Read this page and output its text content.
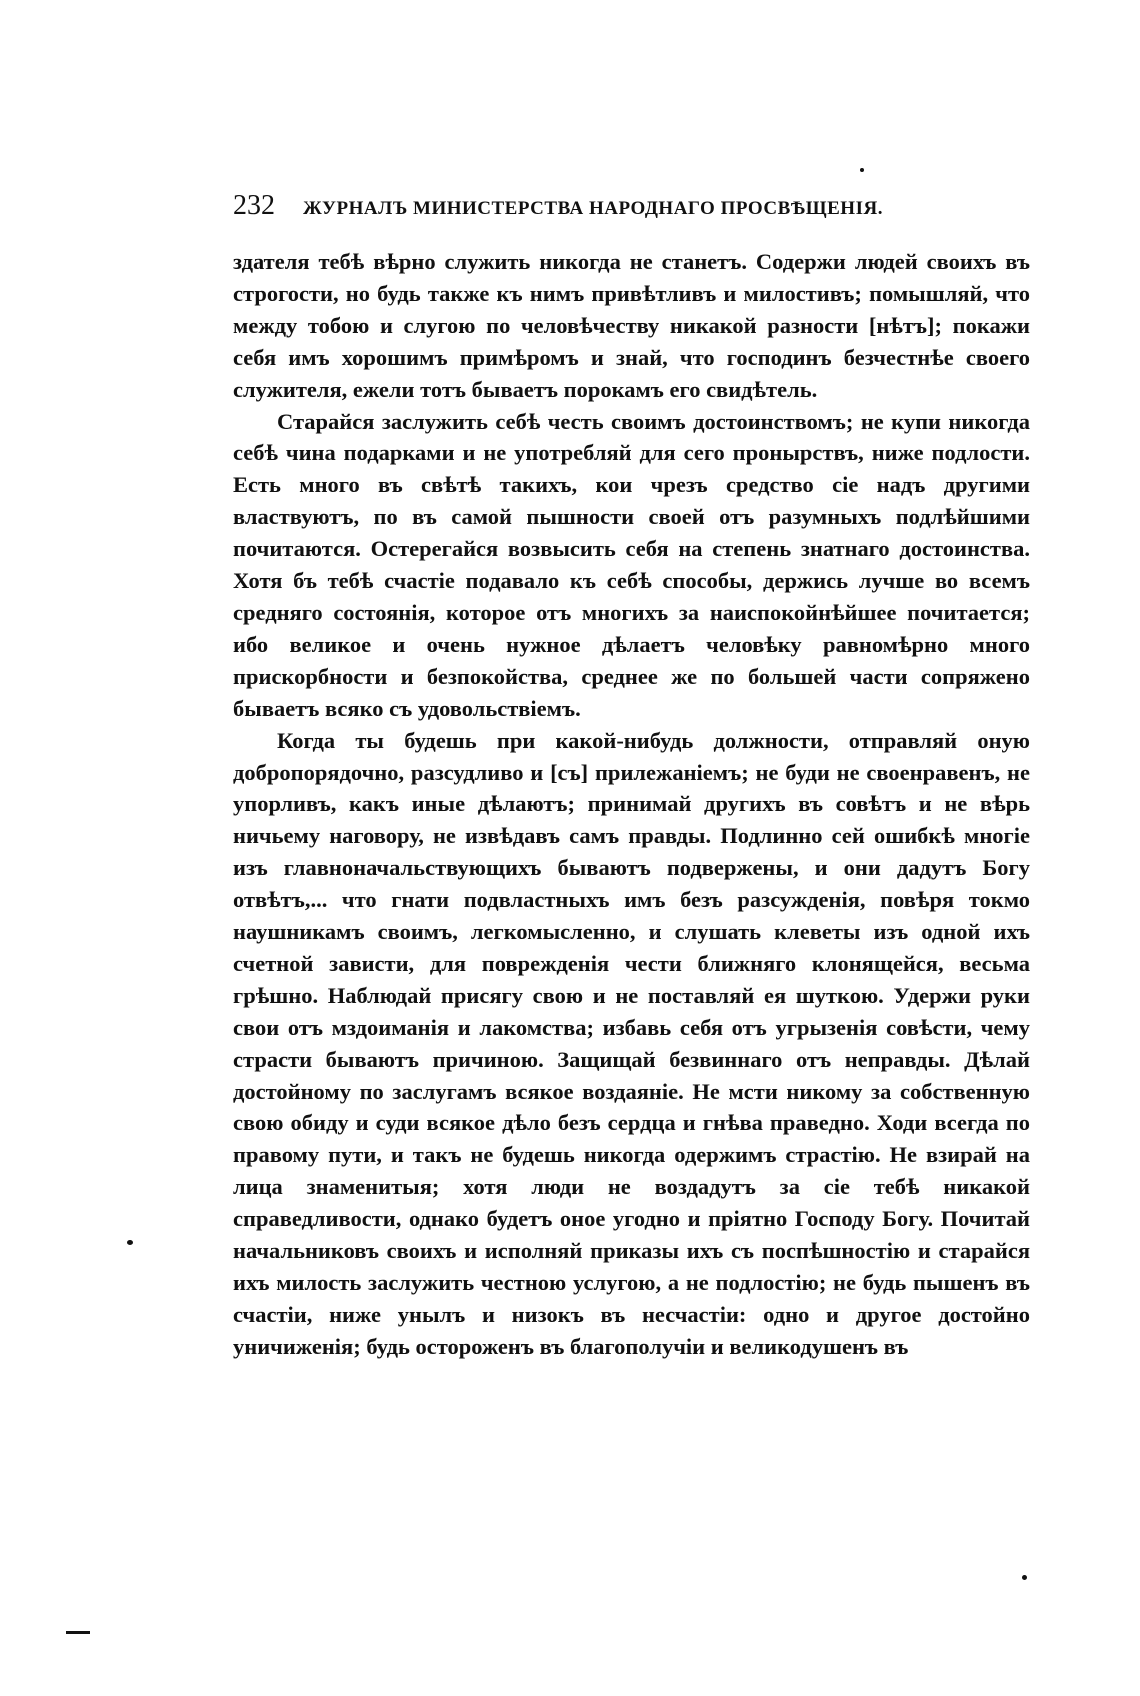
232 ЖУРНАЛЪ МИНИСТЕРСТВА НАРОДНАГО ПРОСВѢЩЕНІЯ.

здателя тебѣ вѣрно служить никогда не станетъ. Содержи людей своихъ въ строгости, но будь также къ нимъ привѣтливъ и милостивъ; помышляй, что между тобою и слугою по человѣчеству никакой разности [нѣтъ]; покажи себя имъ хорошимъ примѣромъ и знай, что господинъ безчестнѣе своего служителя, ежели тотъ бываетъ порокамъ его свидѣтель.

Старайся заслужить себѣ честь своимъ достоинствомъ; не купи никогда себѣ чина подарками и не употребляй для сего пронырствъ, ниже подлости. Есть много въ свѣтѣ такихъ, кои чрезъ средство сіе надъ другими властвуютъ, по въ самой пышности своей отъ разумныхъ подлѣйшими почитаются. Остерегайся возвысить себя на степень знатнаго достоинства. Хотя бъ тебѣ счастіе подавало къ себѣ способы, держись лучше во всемъ средняго состоянія, которое отъ многихъ за наиспокойнѣйшее почитается; ибо великое и очень нужное дѣлаетъ человѣку равномѣрно много прискорбности и безпокойства, среднее же по большей части сопряжено бываетъ всяко съ удовольствіемъ.

Когда ты будешь при какой-нибудь должности, отправляй оную добропорядочно, разсудливо и [съ] прилежаніемъ; не буди не своенравенъ, не упорливъ, какъ иные дѣлаютъ; принимай другихъ въ совѣтъ и не вѣрь ничьему наговору, не извѣдавъ самъ правды. Подлинно сей ошибкѣ многіе изъ главноначальствующихъ бываютъ подвержены, и они дадутъ Богу отвѣтъ,... что гнати подвластныхъ имъ безъ разсужденія, повѣря токмо наушникамъ своимъ, легкомысленно, и слушать клеветы изъ одной ихъ счетной зависти, для поврежденія чести ближняго клонящейся, весьма грѣшно. Наблюдай присягу свою и не поставляй ея шуткою. Удержи руки свои отъ мздоиманія и лакомства; избавь себя отъ угрызенія совѣсти, чему страсти бываютъ причиною. Защищай безвиннаго отъ неправды. Дѣлай достойному по заслугамъ всякое воздаяніе. Не мсти никому за собственную свою обиду и суди всякое дѣло безъ сердца и гнѣва праведно. Ходи всегда по правому пути, и такъ не будешь никогда одержимъ страстію. Не взирай на лица знаменитыя; хотя люди не воздадутъ за сіе тебѣ никакой справедливости, однако будетъ оное угодно и пріятно Господу Богу. Почитай начальниковъ своихъ и исполняй приказы ихъ съ поспѣшностію и старайся ихъ милость заслужить честною услугою, а не подлостію; не будь пышенъ въ счастіи, ниже унылъ и низокъ въ несчастіи: одно и другое достойно уничиженія; будь остороженъ въ благополучіи и великодушенъ въ
